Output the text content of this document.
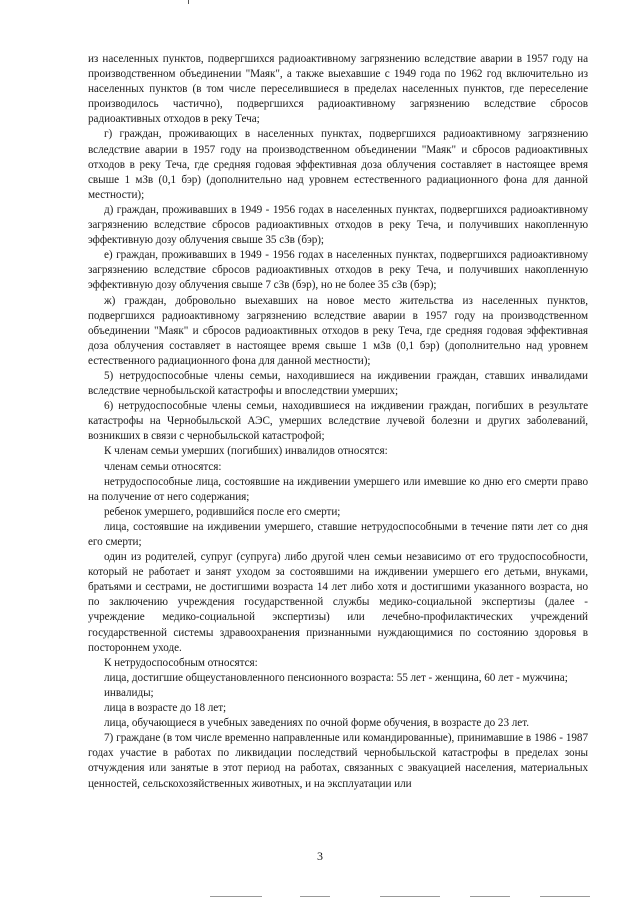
из населенных пунктов, подвергшихся радиоактивному загрязнению вследствие аварии в 1957 году на производственном объединении "Маяк", а также выехавшие с 1949 года по 1962 год включительно из населенных пунктов (в том числе переселившиеся в пределах населенных пунктов, где переселение производилось частично), подвергшихся радиоактивному загрязнению вследствие сбросов радиоактивных отходов в реку Теча;

г) граждан, проживающих в населенных пунктах, подвергшихся радиоактивному загрязнению вследствие аварии в 1957 году на производственном объединении "Маяк" и сбросов радиоактивных отходов в реку Теча, где средняя годовая эффективная доза облучения составляет в настоящее время свыше 1 мЗв (0,1 бэр) (дополнительно над уровнем естественного радиационного фона для данной местности);

д) граждан, проживавших в 1949 - 1956 годах в населенных пунктах, подвергшихся радиоактивному загрязнению вследствие сбросов радиоактивных отходов в реку Теча, и получивших накопленную эффективную дозу облучения свыше 35 сЗв (бэр);

е) граждан, проживавших в 1949 - 1956 годах в населенных пунктах, подвергшихся радиоактивному загрязнению вследствие сбросов радиоактивных отходов в реку Теча, и получивших накопленную эффективную дозу облучения свыше 7 сЗв (бэр), но не более 35 сЗв (бэр);

ж) граждан, добровольно выехавших на новое место жительства из населенных пунктов, подвергшихся радиоактивному загрязнению вследствие аварии в 1957 году на производственном объединении "Маяк" и сбросов радиоактивных отходов в реку Теча, где средняя годовая эффективная доза облучения составляет в настоящее время свыше 1 мЗв (0,1 бэр) (дополнительно над уровнем естественного радиационного фона для данной местности);

5) нетрудоспособные члены семьи, находившиеся на иждивении граждан, ставших инвалидами вследствие чернобыльской катастрофы и впоследствии умерших;

6) нетрудоспособные члены семьи, находившиеся на иждивении граждан, погибших в результате катастрофы на Чернобыльской АЭС, умерших вследствие лучевой болезни и других заболеваний, возникших в связи с чернобыльской катастрофой;

К членам семьи умерших (погибших) инвалидов относятся:

членам семьи относятся:

нетрудоспособные лица, состоявшие на иждивении умершего или имевшие ко дню его смерти право на получение от него содержания;

ребенок умершего, родившийся после его смерти;

лица, состоявшие на иждивении умершего, ставшие нетрудоспособными в течение пяти лет со дня его смерти;

один из родителей, супруг (супруга) либо другой член семьи независимо от его трудоспособности, который не работает и занят уходом за состоявшими на иждивении умершего его детьми, внуками, братьями и сестрами, не достигшими возраста 14 лет либо хотя и достигшими указанного возраста, но по заключению учреждения государственной службы медико-социальной экспертизы (далее - учреждение медико-социальной экспертизы) или лечебно-профилактических учреждений государственной системы здравоохранения признанными нуждающимися по состоянию здоровья в постороннем уходе.

К нетрудоспособным относятся:

лица, достигшие общеустановленного пенсионного возраста: 55 лет - женщина, 60 лет - мужчина;

инвалиды;

лица в возрасте до 18 лет;

лица, обучающиеся в учебных заведениях по очной форме обучения, в возрасте до 23 лет.

7) граждане (в том числе временно направленные или командированные), принимавшие в 1986 - 1987 годах участие в работах по ликвидации последствий чернобыльской катастрофы в пределах зоны отчуждения или занятые в этот период на работах, связанных с эвакуацией населения, материальных ценностей, сельскохозяйственных животных, и на эксплуатации или

3
